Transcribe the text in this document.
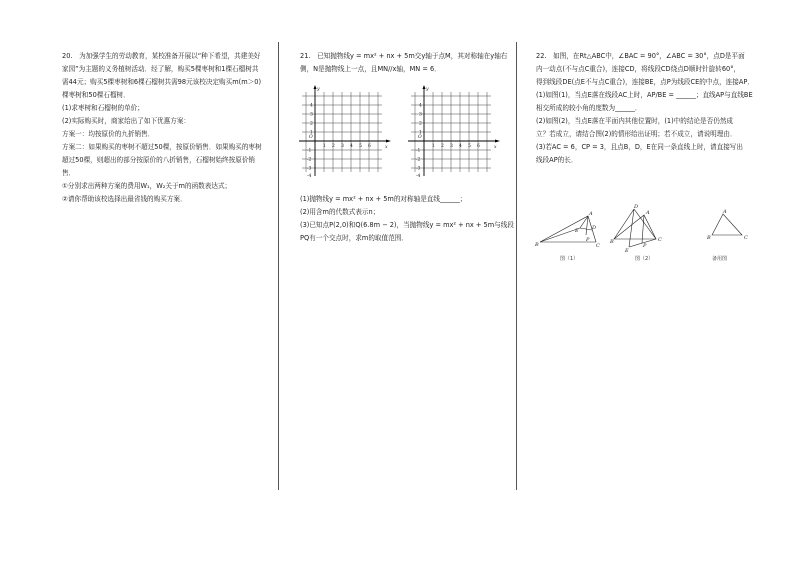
20.　为加强学生的劳动教育，某校准备开展以“种下希望，共建美好

家园”为主题的义务植树活动．经了解，购买5棵枣树和1棵石榴树共

需44元；购买5棵枣树和6棵石榴树共需98元该校决定购买m(m＞0)

棵枣树和50棵石榴树．

(1)求枣树和石榴树的单价；

(2)实际购买时，商家给出了如下优惠方案：

方案一：均按原价的九折销售．

方案二：如果购买的枣树不超过50棵，按原价销售．如果购买的枣树

超过50棵，则超出的部分按原价的八折销售，石榴树始终按原价销

售．

①分别求出两种方案的费用W₁，W₂关于m的函数表达式；

②请你帮助该校选择出最省钱的购买方案．

21.　已知抛物线y = mx² + nx + 5m交y轴于点M，其对称轴在y轴右

侧，N是抛物线上一点，且MN//x轴，MN = 6．

y
x
O
1 2 3 4 5 6
1
2
3
4
-1
-2
-3
-4
y
x
O
1 2 3 4 5 6
1
2
3
4
-1
-2
-3
-4

(1)抛物线y = mx² + nx + 5m的对称轴是直线______；

(2)用含m的代数式表示n；

(3)已知点P(2,0)和Q(6.8m − 2)，当抛物线y = mx² + nx + 5m与线段

PQ有一个交点时，求m的取值范围．

22.　如图，在Rt△ABC中，∠BAC = 90°，∠ABC = 30°，点D是平面

内一动点(不与点C重合)，连接CD，将线段CD绕点D顺时针旋转60°，

得到线段DE(点E不与点C重合)，连接BE，点P为线段CE的中点，连接AP．

(1)如图(1)，当点E落在线段AC上时，AP/BE = ______；直线AP与直线BE

相交所成的较小角的度数为______．

(2)如图(2)，当点E落在平面内其他位置时，(1)中的结论是否仍然成

立？若成立，请结合图(2)的情形给出证明；若不成立，请说明理由．

(3)若AC = 6，CP = 3，且点B，D，E在同一条直线上时，请直接写出

线段AP的长．

A
B	C
D
E
P
A
B	C
D
E
P
A
B	C
图（1）	图（2）	备用图
